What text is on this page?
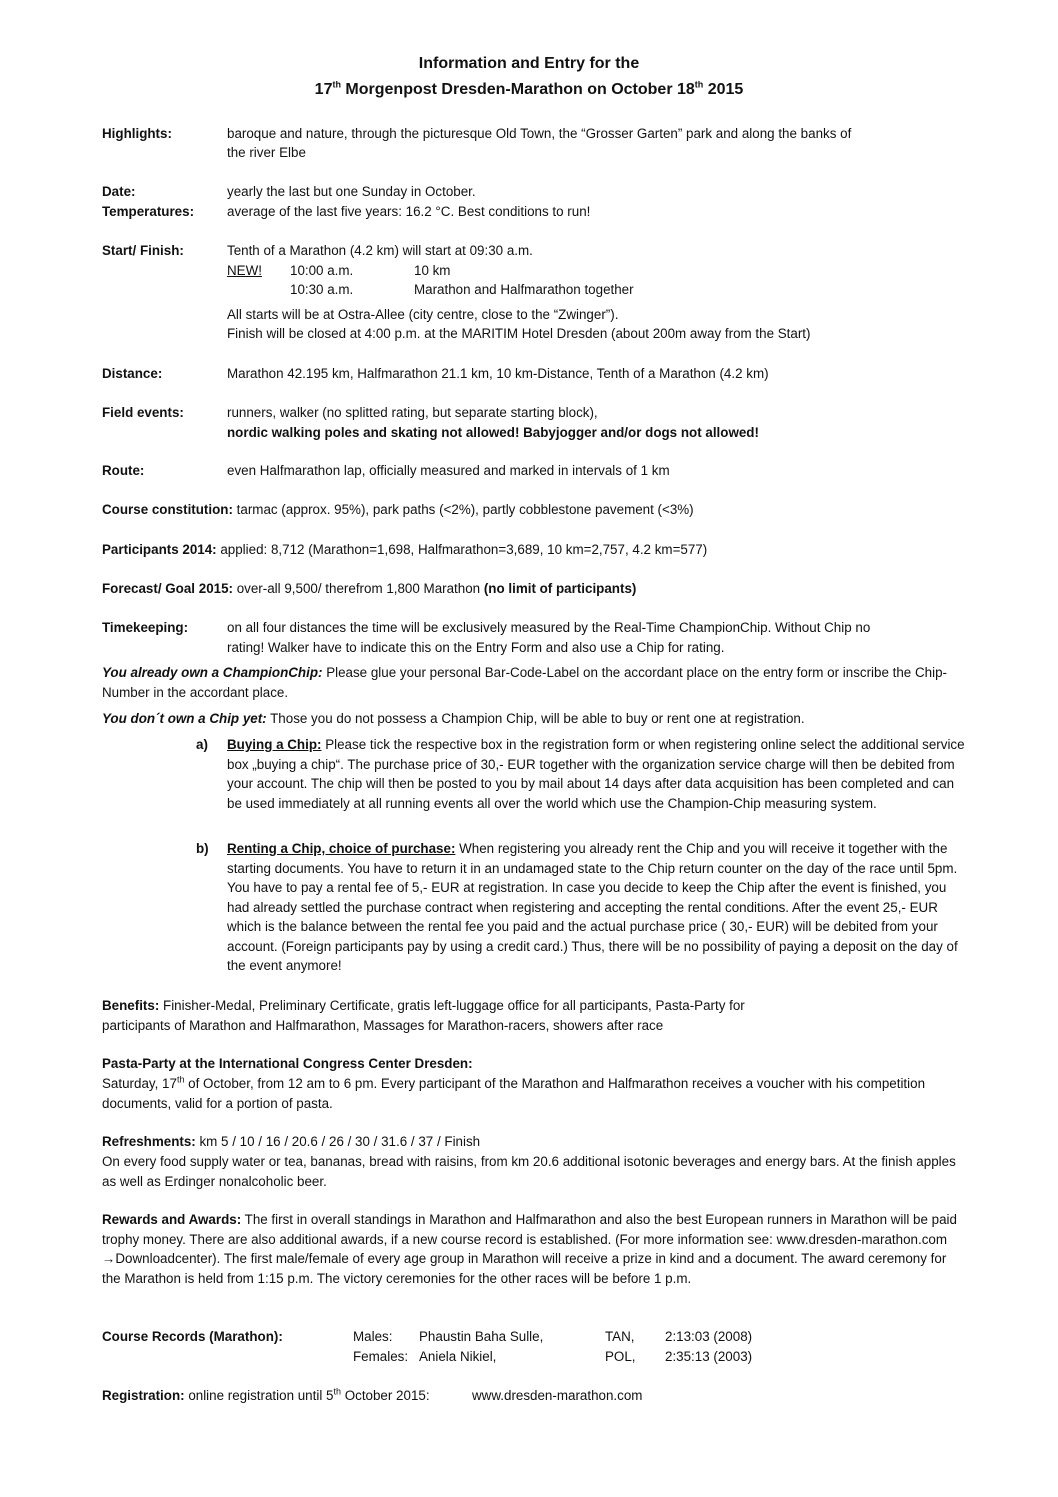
Information and Entry for the
17th Morgenpost Dresden-Marathon on October 18th 2015
Highlights:	baroque and nature, through the picturesque Old Town, the “Grosser Garten” park and along the banks of
the river Elbe
Date:	yearly the last but one Sunday in October.
Temperatures: average of the last five years: 16.2 °C. Best conditions to run!
Start/ Finish:	Tenth of a Marathon (4.2 km) will start at 09:30 a.m.
NEW! 10:00 a.m.	10 km
10:30 a.m.	Marathon and Halfmarathon together
All starts will be at Ostra-Allee (city centre, close to the “Zwinger”).
Finish will be closed at 4:00 p.m. at the MARITIM Hotel Dresden (about 200m away from the Start)
Distance:	Marathon 42.195 km, Halfmarathon 21.1 km, 10 km-Distance, Tenth of a Marathon (4.2 km)
Field events:	runners, walker (no splitted rating, but separate starting block),
nordic walking poles and skating not allowed! Babyjogger and/or dogs not allowed!
Route:	even Halfmarathon lap, officially measured and marked in intervals of 1 km
Course constitution: tarmac (approx. 95%), park paths (<2%), partly cobblestone pavement (<3%)
Participants 2014: applied: 8,712 (Marathon=1,698, Halfmarathon=3,689, 10 km=2,757, 4.2 km=577)
Forecast/ Goal 2015: over-all 9,500/ therefrom 1,800 Marathon (no limit of participants)
Timekeeping:	on all four distances the time will be exclusively measured by the Real-Time ChampionChip. Without Chip no
rating! Walker have to indicate this on the Entry Form and also use a Chip for rating.
You already own a ChampionChip: Please glue your personal Bar-Code-Label on the accordant place on the entry form or inscribe the Chip-Number in the accordant place.
You don´t own a Chip yet: Those you do not possess a Champion Chip, will be able to buy or rent one at registration.
a) Buying a Chip: Please tick the respective box in the registration form or when registering online select the additional service box „buying a chip“. The purchase price of 30,- EUR together with the organization service charge will then be debited from your account. The chip will then be posted to you by mail about 14 days after data acquisition has been completed and can be used immediately at all running events all over the world which use the Champion-Chip measuring system.
b) Renting a Chip, choice of purchase: When registering you already rent the Chip and you will receive it together with the starting documents. You have to return it in an undamaged state to the Chip return counter on the day of the race until 5pm. You have to pay a rental fee of 5,- EUR at registration. In case you decide to keep the Chip after the event is finished, you had already settled the purchase contract when registering and accepting the rental conditions. After the event 25,- EUR which is the balance between the rental fee you paid and the actual purchase price ( 30,- EUR) will be debited from your account. (Foreign participants pay by using a credit card.) Thus, there will be no possibility of paying a deposit on the day of the event anymore!
Benefits: Finisher-Medal, Preliminary Certificate, gratis left-luggage office for all participants, Pasta-Party for
participants of Marathon and Halfmarathon, Massages for Marathon-racers, showers after race
Pasta-Party at the International Congress Center Dresden:
Saturday, 17th of October, from 12 am to 6 pm. Every participant of the Marathon and Halfmarathon receives a voucher with his competition documents, valid for a portion of pasta.
Refreshments: km 5 / 10 / 16 / 20.6 / 26 / 30 / 31.6 / 37 / Finish
On every food supply water or tea, bananas, bread with raisins, from km 20.6 additional isotonic beverages and energy bars. At the finish apples as well as Erdinger nonalcoholic beer.
Rewards and Awards: The first in overall standings in Marathon and Halfmarathon and also the best European runners in Marathon will be paid trophy money. There are also additional awards, if a new course record is established. (For more information see: www.dresden-marathon.com →Downloadcenter). The first male/female of every age group in Marathon will receive a prize in kind and a document. The award ceremony for the Marathon is held from 1:15 p.m. The victory ceremonies for the other races will be before 1 p.m.
Course Records (Marathon):	Males: Phaustin Baha Sulle,	TAN, 2:13:03 (2008)
Females: Aniela Nikiel,	POL, 2:35:13 (2003)
Registration: online registration until 5th October 2015:	www.dresden-marathon.com
